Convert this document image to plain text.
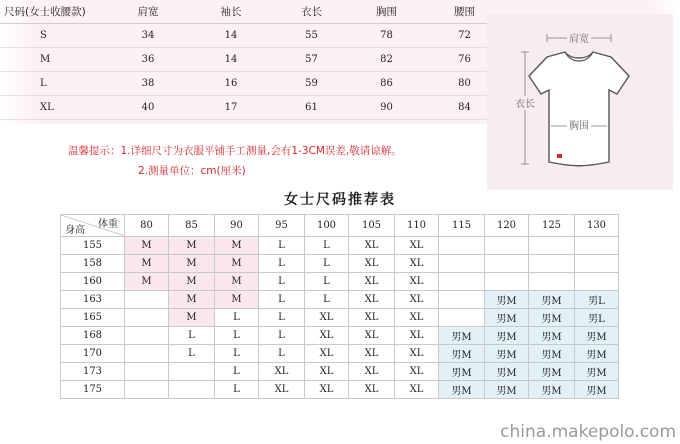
尺码(女士收腰款)	肩宽	袖长	衣长	胸围	腰围
S	34	14	55	78	72
M	36	14	57	82	76
L	38	16	59	86	80
XL	40	17	61	90	84
温馨提示：1.详细尺寸为衣服平铺手工测量,会有1-3CM误差,敬请谅解。
2.测量单位：cm(厘米)
肩宽
衣长
胸围
女士尺码推荐表
体重
身高	80	85	90	95	100	105	110	115	120	125	130
155	M	M	M	L	L	XL	XL				
158	M	M	M	L	L	XL	XL				
160	M	M	M	L	L	XL	XL				
163		M	M	L	L	XL	XL		男M	男M	男L
165		M	L	L	XL	XL	XL		男M	男M	男L
168		L	L	L	XL	XL	XL	男M	男M	男M	男M
170		L	L	L	XL	XL	XL	男M	男M	男M	男M
173			L	XL	XL	XL	XL	男M	男M	男M	男M
175			L	XL	XL	XL	XL	男M	男M	男M	男M
china.makepolo.com
